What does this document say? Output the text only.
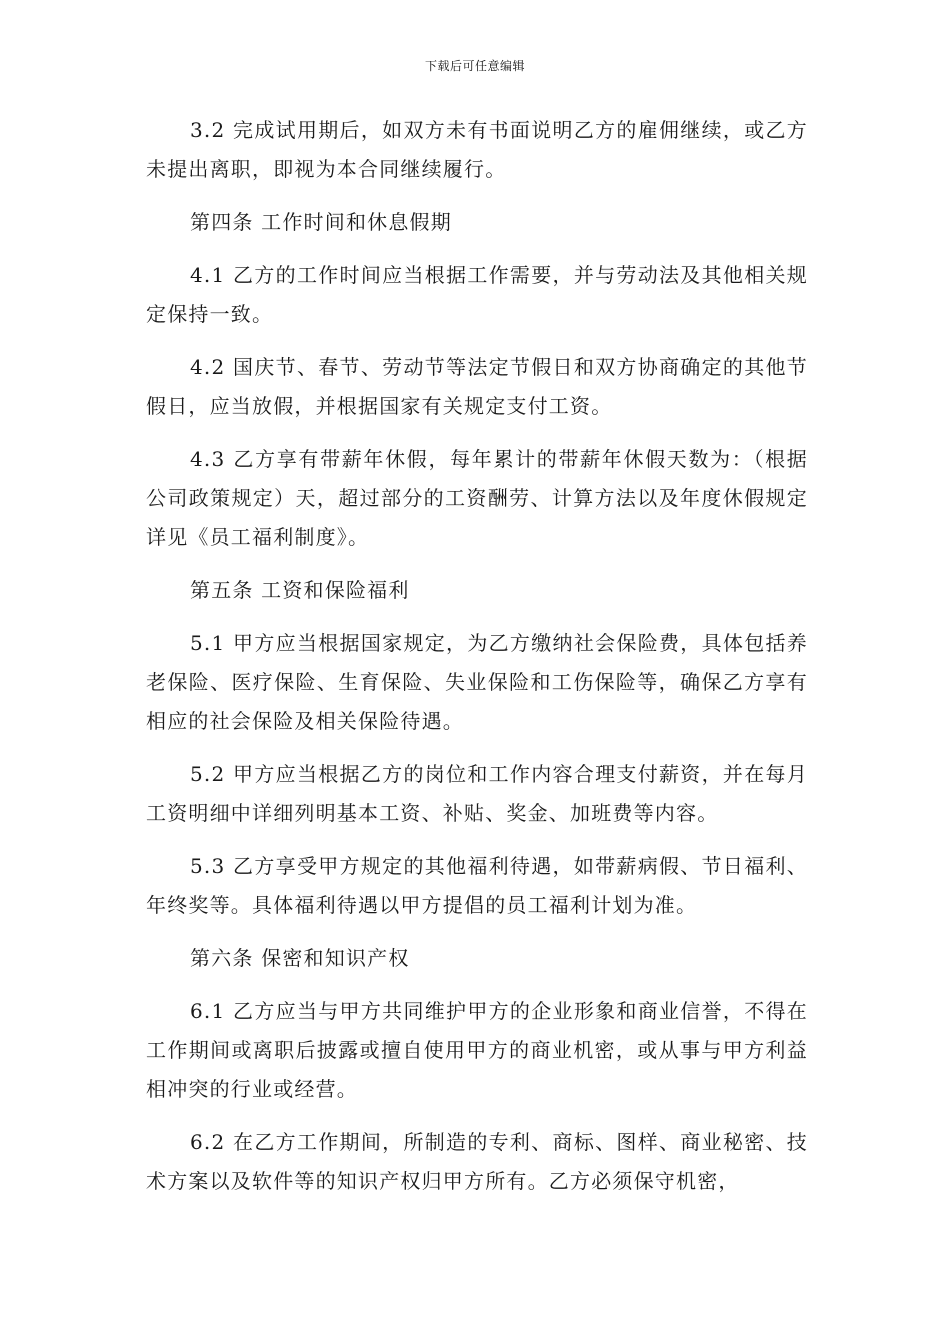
下载后可任意编辑

3.2 完成试用期后，如双方未有书面说明乙方的雇佣继续，或乙方未提出离职，即视为本合同继续履行。

第四条 工作时间和休息假期

4.1 乙方的工作时间应当根据工作需要，并与劳动法及其他相关规定保持一致。

4.2 国庆节、春节、劳动节等法定节假日和双方协商确定的其他节假日，应当放假，并根据国家有关规定支付工资。

4.3 乙方享有带薪年休假，每年累计的带薪年休假天数为：（根据公司政策规定）天，超过部分的工资酬劳、计算方法以及年度休假规定详见《员工福利制度》。

第五条 工资和保险福利

5.1 甲方应当根据国家规定，为乙方缴纳社会保险费，具体包括养老保险、医疗保险、生育保险、失业保险和工伤保险等，确保乙方享有相应的社会保险及相关保险待遇。

5.2 甲方应当根据乙方的岗位和工作内容合理支付薪资，并在每月工资明细中详细列明基本工资、补贴、奖金、加班费等内容。

5.3 乙方享受甲方规定的其他福利待遇，如带薪病假、节日福利、年终奖等。具体福利待遇以甲方提倡的员工福利计划为准。

第六条 保密和知识产权

6.1 乙方应当与甲方共同维护甲方的企业形象和商业信誉，不得在工作期间或离职后披露或擅自使用甲方的商业机密，或从事与甲方利益相冲突的行业或经营。

6.2 在乙方工作期间，所制造的专利、商标、图样、商业秘密、技术方案以及软件等的知识产权归甲方所有。乙方必须保守机密，
